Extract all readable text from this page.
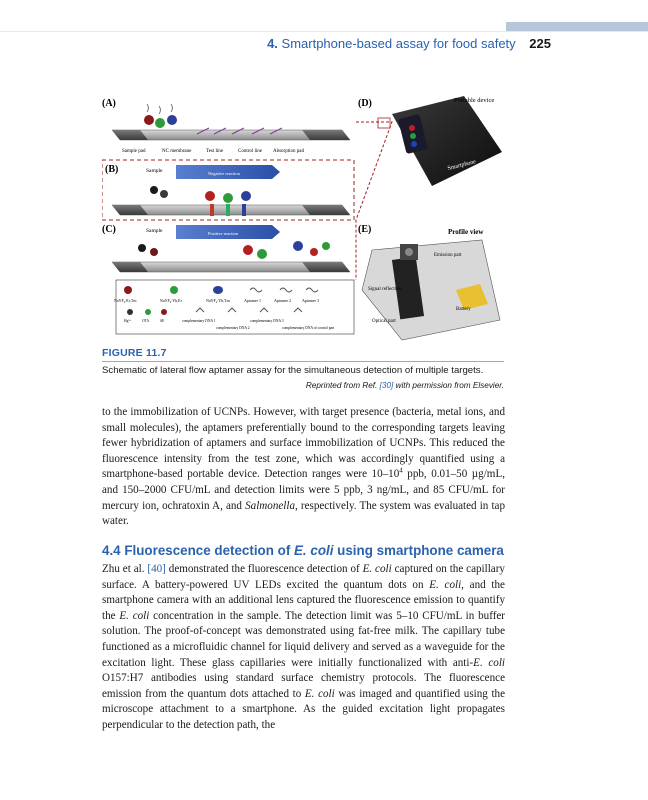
4. Smartphone-based assay for food safety 225
(A)
Sample pad	NC membrane	Test line	Control line Absorption pad
(B)	Sample	Negative reaction
(C)	Sample	Positive reaction
NaYF₄:Er,Tm	NaYF₄:Yb,Er	NaYF₄:Yb,Tm	Aptamer 1	Aptamer 2	Aptamer 3
Hg²⁺	OTA	SE	complementary DNA 1
complementary DNA 2
complementary DNA 3
complementary DNA of control part
(D)	Portable device
Smartphone
(E)	Profile view
Emission part
Signal reflection
Optical part
Battery
FIGURE 11.7
Schematic of lateral flow aptamer assay for the simultaneous detection of multiple targets.
Reprinted from Ref. [30] with permission from Elsevier.

to the immobilization of UCNPs. However, with target presence (bacteria, metal ions, and small molecules), the aptamers preferentially bound to the corresponding targets leaving fewer hybridization of aptamers and surface immobilization of UCNPs. This reduced the fluorescence intensity from the test zone, which was accordingly quantified using a smartphone-based portable device. Detection ranges were $10-10^4$ ppb, 0.01–50 µg/mL, and 150–2000 CFU/mL and detection limits were 5 ppb, 3 ng/mL, and 85 CFU/mL for mercury ion, ochratoxin A, and Salmonella, respectively. The system was evaluated in tap water.

4.4 Fluorescence detection of E. coli using smartphone camera

Zhu et al. [40] demonstrated the fluorescence detection of E. coli captured on the capillary surface. A battery-powered UV LEDs excited the quantum dots on E. coli, and the smartphone camera with an additional lens captured the fluorescence emission to quantify the E. coli concentration in the sample. The detection limit was 5–10 CFU/mL in buffer solution. The proof-of-concept was demonstrated using fat-free milk. The capillary tube functioned as a microfluidic channel for liquid delivery and served as a waveguide for the excitation light. These glass capillaries were initially functionalized with anti-E. coli O157:H7 antibodies using standard surface chemistry protocols. The fluorescence emission from the quantum dots attached to E. coli was imaged and quantified using the microscope attachment to a smartphone. As the guided excitation light propagates perpendicular to the detection path, the
